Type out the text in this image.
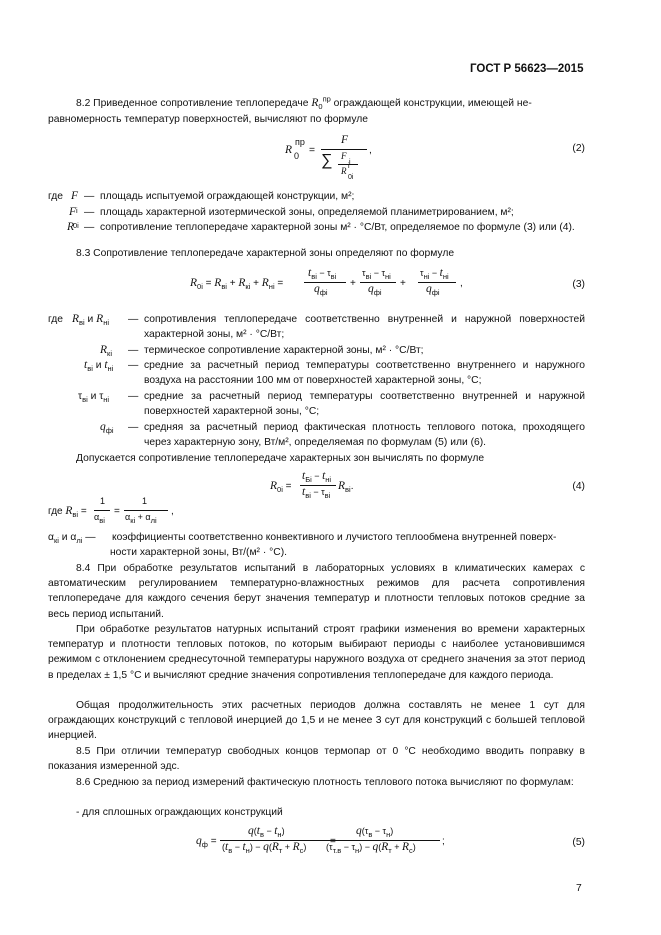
ГОСТ Р 56623—2015
8.2 Приведенное сопротивление теплопередаче $R_0^{пр}$ ограждающей конструкции, имеющей не-
равномерность температур поверхностей, вычисляют по формуле
R 0
пр
=
F
∑ F
i
R i
0i
,	(2)
где F — площадь испытуемой ограждающей конструкции, м²;
F i — площадь характерной изотермической зоны, определяемой планиметрированием, м²;
R 0i — сопротивление теплопередаче характерной зоны м² · °С/Вт, определяемое по формуле (3) или (4).
8.3 Сопротивление теплопередаче характерной зоны определяют по формуле
$R_{0i} = R_{вi} + R_{кi} + R_{нi}$ =
$t_{вi} - \tau_{вi}$
$q_{фi}$
+
$\tau_{вi} - \tau_{нi}$
$q_{фi}$
+
$\tau_{нi} - t_{нi}$
$q_{фi}$
,	(3)
где $R_{вi}$ и $R_{нi}$ — сопротивления теплопередаче соответственно внутренней и наружной поверхностей характерной зоны, м² · °С/Вт;
$R_{кi}$ — термическое сопротивление характерной зоны, м² · °С/Вт;
$t_{вi}$ и $t_{нi}$ — средние за расчетный период температуры соответственно внутреннего и наружного воздуха на расстоянии 100 мм от поверхностей характерной зоны, °С;
$\tau_{вi}$ и $\tau_{нi}$ — средние за расчетный период температуры соответственно внутренней и наружной поверхностей характерной зоны, °С;
$q_{фi}$ — средняя за расчетный период фактическая плотность теплового потока, проходящего через характерную зону, Вт/м², определяемая по формулам (5) или (6).
Допускается сопротивление теплопередаче характерных зон вычислять по формуле
$R_{0i}$ =
$t_{Бi} - t_{нi}$
$t_{вi} - \tau_{вi}$
$R_{вi}$.	(4)
где $R_{вi}$ =
1
$\alpha_{вi}$
=
1
$\alpha_{кi} + \alpha_{лi}$
,
$\alpha_{кi}$ и $\alpha_{лi}$ — коэффициенты соответственно конвективного и лучистого теплообмена внутренней поверх-
ности характерной зоны, Вт/(м² · °С).
8.4 При обработке результатов испытаний в лабораторных условиях в климатических камерах с автоматическим регулированием температурно-влажностных режимов для расчета сопротивления теплопередаче для каждого сечения берут значения температур и плотности тепловых потоков средние за весь период испытаний.
При обработке результатов натурных испытаний строят графики изменения во времени характерных температур и плотности тепловых потоков, по которым выбирают периоды с наиболее установившимся режимом с отклонением среднесуточной температуры наружного воздуха от среднего значения за этот период в пределах ± 1,5 °С и вычисляют средние значения сопротивления теплопередаче для каждого периода.
Общая продолжительность этих расчетных периодов должна составлять не менее 1 сут для ограждающих конструкций с тепловой инерцией до 1,5 и не менее 3 сут для конструкций с большей тепловой инерцией.
8.5 При отличии температур свободных концов термопар от 0 °С необходимо вводить поправку в показания измеренной эдс.
8.6 Среднюю за период измерений фактическую плотность теплового потока вычисляют по формулам:
- для сплошных ограждающих конструкций
$q_ф$ =
$q(t_в - t_н)$
$(t_в - t_н) - q(R_т + R_с)$ =
$q(\tau_в - \tau_н)$
$(\tau_{т.в} - \tau_н) - q(R_т + R_с)$	;	(5)
7
